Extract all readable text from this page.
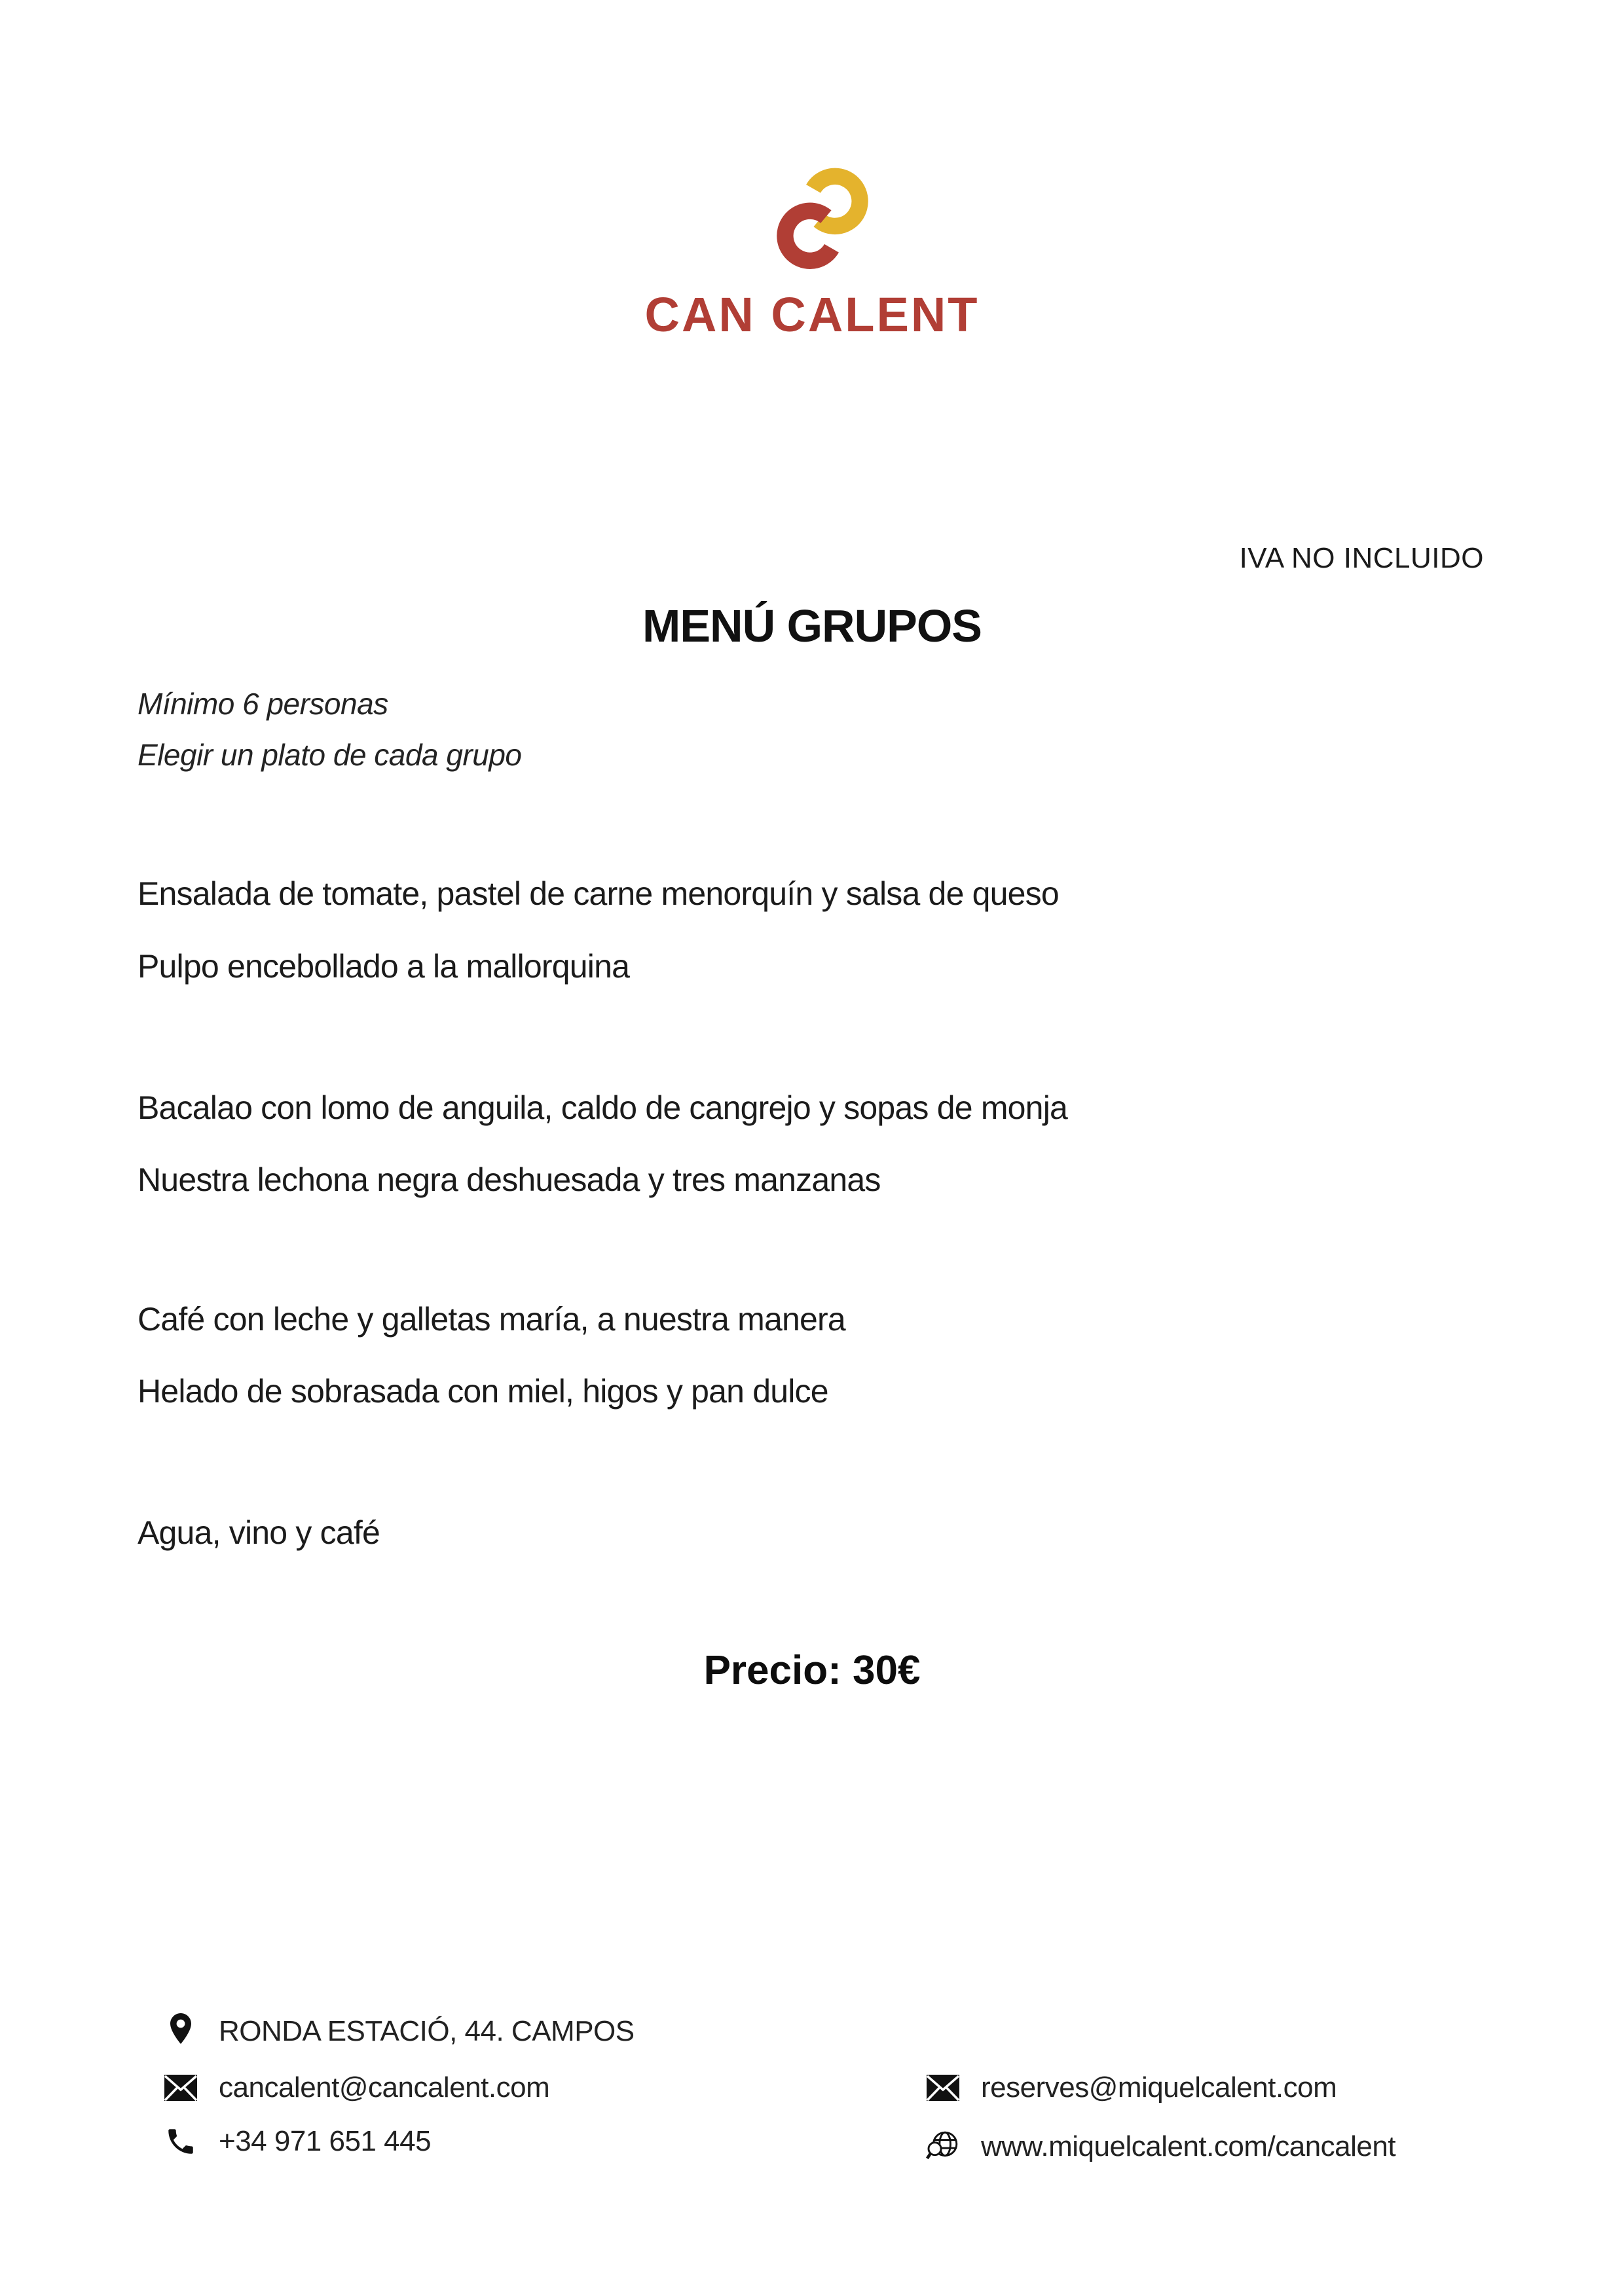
CAN CALENT
IVA NO INCLUIDO
MENÚ GRUPOS
Mínimo 6 personas
Elegir un plato de cada grupo
Ensalada de tomate, pastel de carne menorquín y salsa de queso
Pulpo encebollado a la mallorquina
Bacalao con lomo de anguila, caldo de cangrejo y sopas de monja
Nuestra lechona negra deshuesada y tres manzanas
Café con leche y galletas maría, a nuestra manera
Helado de sobrasada con miel, higos y pan dulce
Agua, vino y café
Precio: 30€
RONDA ESTACIÓ, 44. CAMPOS
cancalent@cancalent.com
+34 971 651 445
reserves@miquelcalent.com
www.miquelcalent.com/cancalent
